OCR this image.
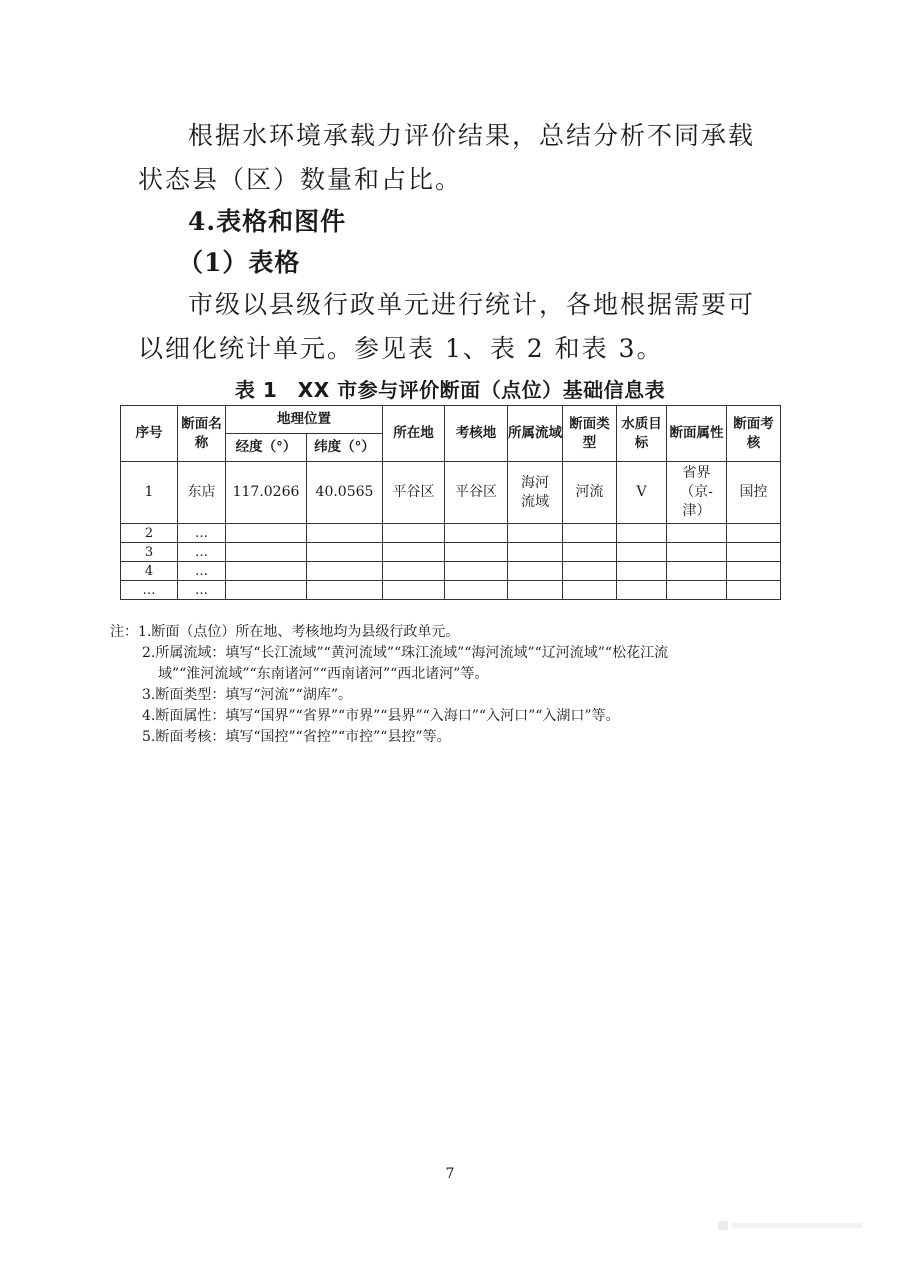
根据水环境承载力评价结果，总结分析不同承载状态县（区）数量和占比。

4.表格和图件

（1）表格

市级以县级行政单元进行统计，各地根据需要可以细化统计单元。参见表 1、表 2 和表 3。

表 1　XX 市参与评价断面（点位）基础信息表

序号	断面名称	地理位置		所在地	考核地	所属流域	断面类型	水质目标	断面属性	断面考核
		经度（°）	纬度（°）							
1	东店	117.0266	40.0565	平谷区	平谷区	海河流域	河流	V	省界（京-津）	国控
2	…									
3	…									
4	…									
…	…									
注：1.断面（点位）所在地、考核地均为县级行政单元。
2.所属流域：填写“长江流域”“黄河流域”“珠江流域”“海河流域”“辽河流域”“松花江流
域”“淮河流域”“东南诸河”“西南诸河”“西北诸河”等。
3.断面类型：填写“河流”“湖库”。
4.断面属性：填写“国界”“省界”“市界”“县界”“入海口”“入河口”“入湖口”等。
5.断面考核：填写“国控”“省控”“市控”“县控”等。
7
